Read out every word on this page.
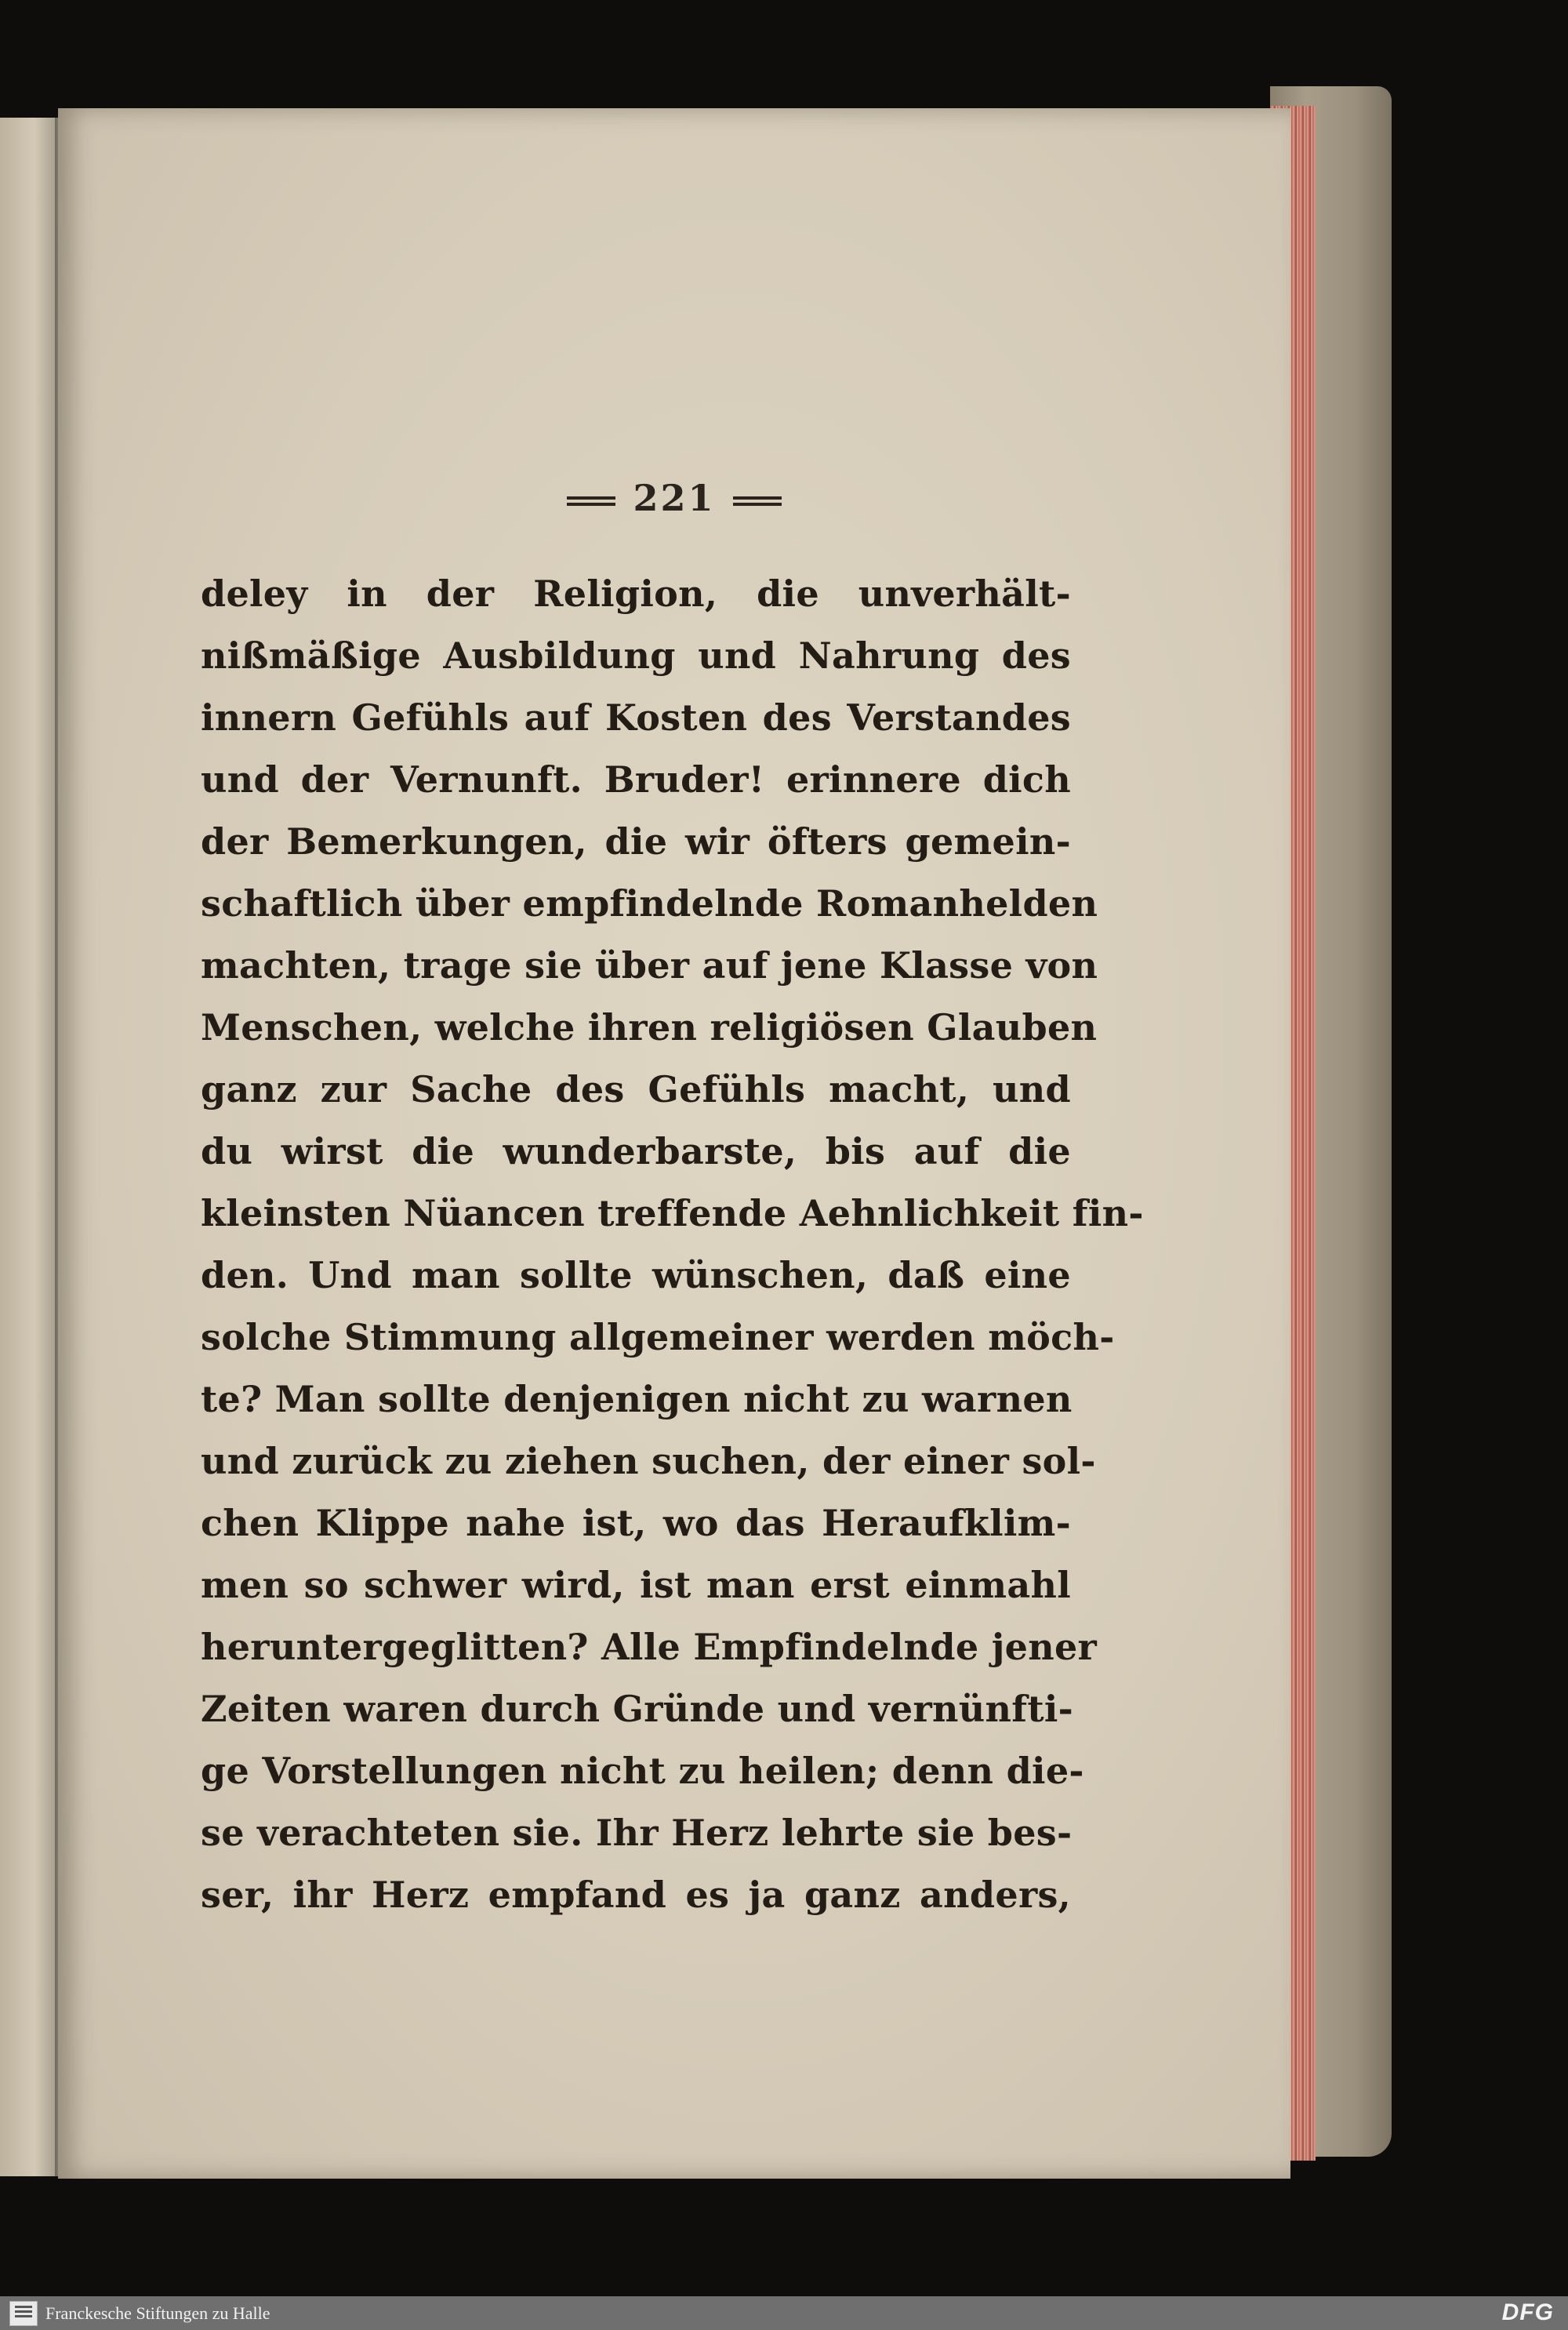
221
deley in der Religion, die unverhält-
nißmäßige Ausbildung und Nahrung des
innern Gefühls auf Kosten des Verstandes
und der Vernunft. Bruder! erinnere dich
der Bemerkungen, die wir öfters gemein-
schaftlich über empfindelnde Romanhelden
machten, trage sie über auf jene Klasse von
Menschen, welche ihren religiösen Glauben
ganz zur Sache des Gefühls macht, und
du wirst die wunderbarste, bis auf die
kleinsten Nüancen treffende Aehnlichkeit fin-
den. Und man sollte wünschen, daß eine
solche Stimmung allgemeiner werden möch-
te? Man sollte denjenigen nicht zu warnen
und zurück zu ziehen suchen, der einer sol-
chen Klippe nahe ist, wo das Heraufklim-
men so schwer wird, ist man erst einmahl
heruntergeglitten? Alle Empfindelnde jener
Zeiten waren durch Gründe und vernünfti-
ge Vorstellungen nicht zu heilen; denn die-
se verachteten sie. Ihr Herz lehrte sie bes-
ser, ihr Herz empfand es ja ganz anders,
Franckesche Stiftungen zu Halle	DFG
